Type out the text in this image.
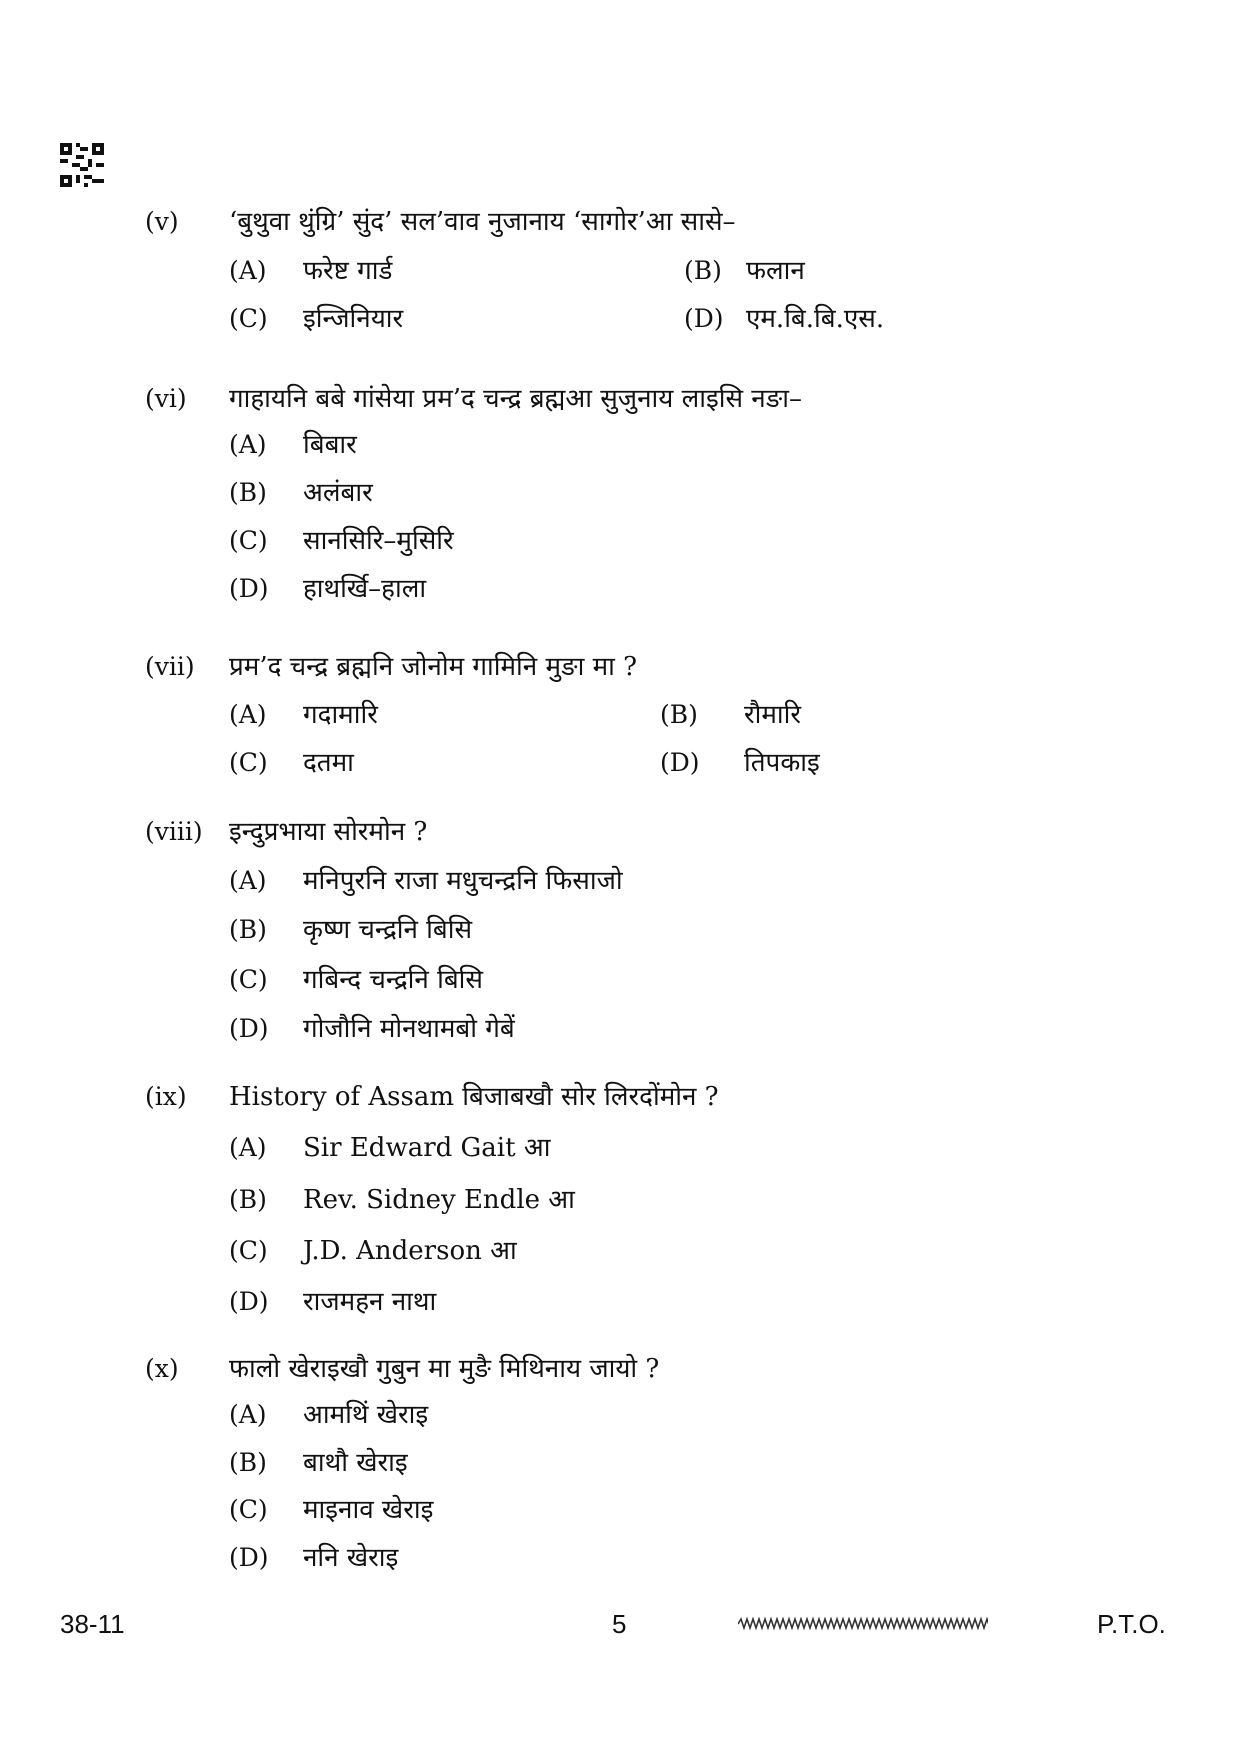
(v) ‘बुथुवा थुंग्रि’ सुंद’ सल’वाव नुजानाय ‘सागोर’आ सासे–
(A) फरेष्ट गार्ड	(B) फलान
(C) इन्जिनियार	(D) एम.बि.बि.एस.
(vi) गाहायनि बबे गांसेया प्रम’द चन्द्र ब्रह्मआ सुजुनाय लाइसि नङा–
(A) बिबार
(B) अलंबार
(C) सानसिरि–मुसिरि
(D) हाथर्खि–हाला
(vii) प्रम’द चन्द्र ब्रह्मनि जोनोम गामिनि मुङा मा ?
(A) गदामारि	(B) रौमारि
(C) दतमा	(D) तिपकाइ
(viii) इन्दुप्रभाया सोरमोन ?
(A) मनिपुरनि राजा मधुचन्द्रनि फिसाजो
(B) कृष्ण चन्द्रनि बिसि
(C) गबिन्द चन्द्रनि बिसि
(D) गोजौनि मोनथामबो गेबें
(ix) History of Assam बिजाबखौ सोर लिरदोंमोन ?
(A) Sir Edward Gait आ
(B) Rev. Sidney Endle आ
(C) J.D. Anderson आ
(D) राजमहन नाथा
(x) फालो खेराइखौ गुबुन मा मुङै मिथिनाय जायो ?
(A) आमथिं खेराइ
(B) बाथौ खेराइ
(C) माइनाव खेराइ
(D) ननि खेराइ
38-11	5	P.T.O.
